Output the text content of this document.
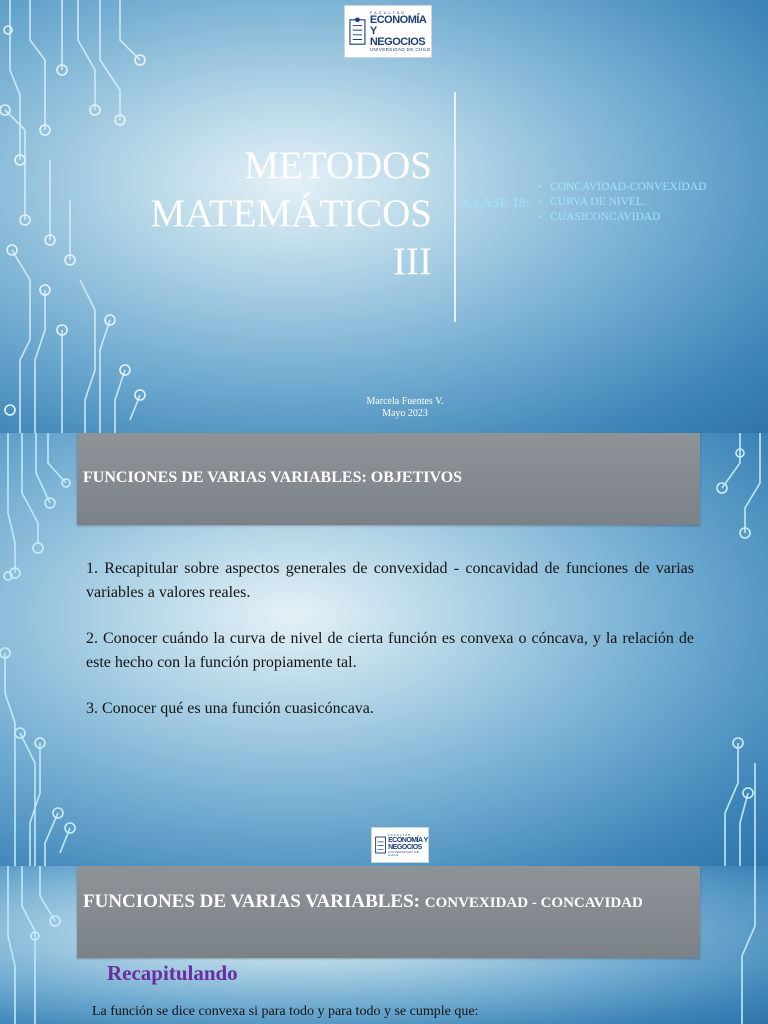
FACULTAD
ECONOMÍA Y
NEGOCIOS
UNIVERSIDAD DE CHILE
METODOS
MATEMÁTICOS
III
CLASE 18:
• CONCAVIDAD-CONVEXIDAD
• CURVA DE NIVEL.
• CUASICONCAVIDAD
Marcela Fuentes V.
Mayo 2023
FUNCIONES DE VARIAS VARIABLES: OBJETIVOS

1. Recapitular sobre aspectos generales de convexidad - concavidad de funciones de varias variables a valores reales.

2. Conocer cuándo la curva de nivel de cierta función es convexa o cóncava, y la relación de este hecho con la función propiamente tal.

3. Conocer qué es una función cuasicóncava.

FACULTAD
ECONOMÍA Y
NEGOCIOS
UNIVERSIDAD DE CHILE
FUNCIONES DE VARIAS VARIABLES: CONVEXIDAD - CONCAVIDAD
Recapitulando
La función se dice convexa si para todo y para todo y se cumple que:
